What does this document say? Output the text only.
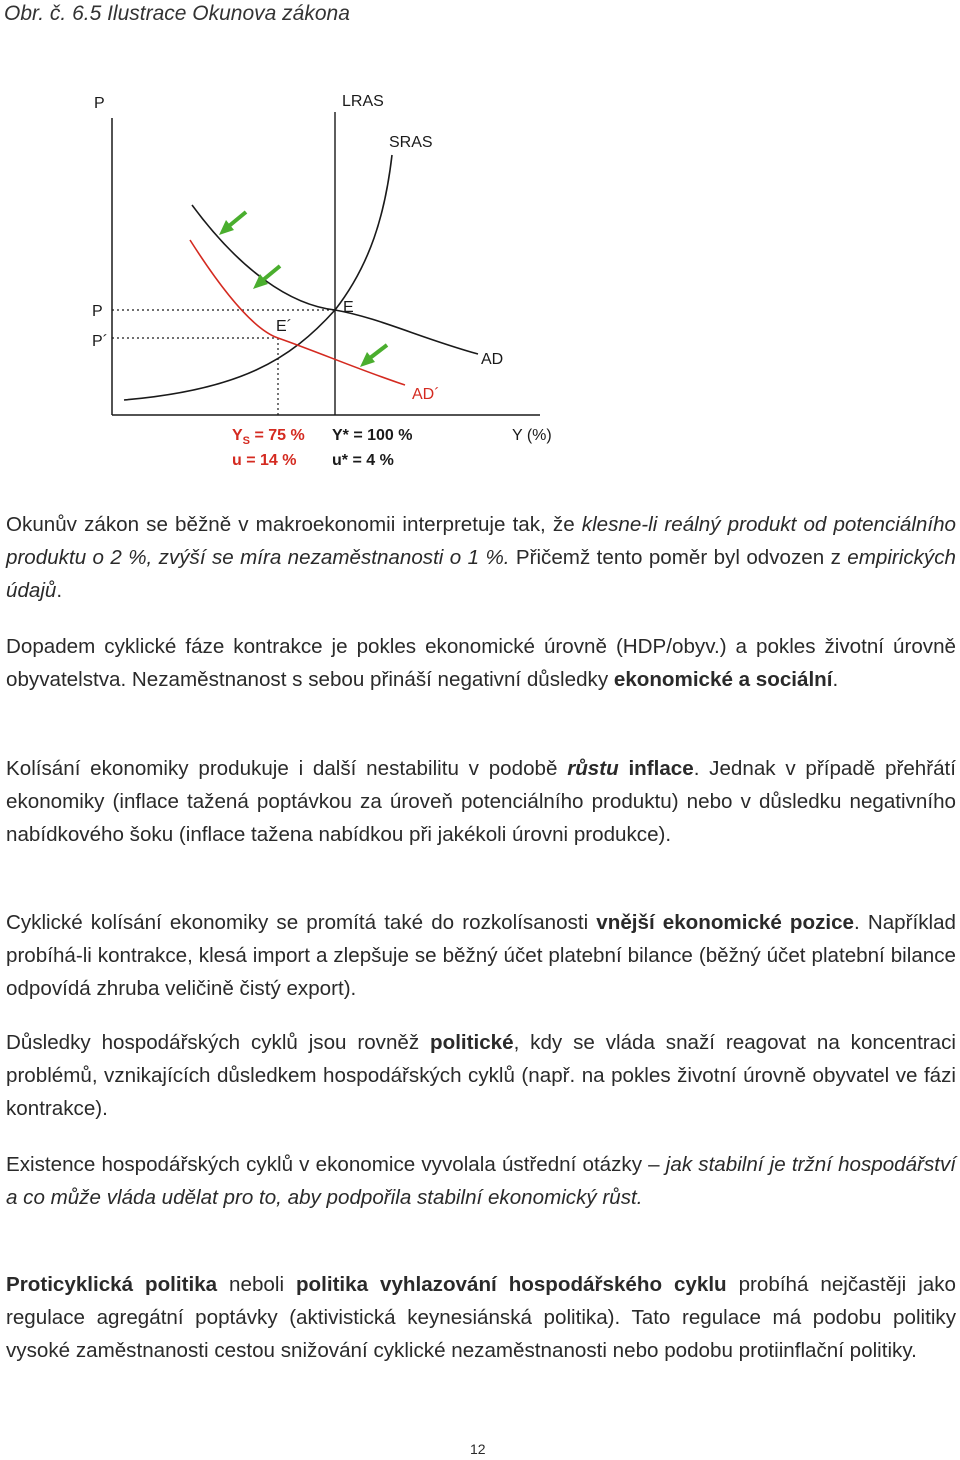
Obr. č. 6.5 Ilustrace Okunova zákona

P
P
P´
LRAS
SRAS
E
E´
AD
AD´
Y (%)
$Y_S = 75$ % Y* = 100 %
u = 14 % u* = 4 %

Okunův zákon se běžně v makroekonomii interpretuje tak, že klesne-li reálný produkt od potenciálního produktu o 2 %, zvýší se míra nezaměstnanosti o 1 %. Přičemž tento poměr byl odvozen z empirických údajů.

Dopadem cyklické fáze kontrakce je pokles ekonomické úrovně (HDP/obyv.) a pokles životní úrovně obyvatelstva. Nezaměstnanost s sebou přináší negativní důsledky ekonomické a sociální.

Kolísání ekonomiky produkuje i další nestabilitu v podobě růstu inflace. Jednak v případě přehřátí ekonomiky (inflace tažená poptávkou za úroveň potenciálního produktu) nebo v důsledku negativního nabídkového šoku (inflace tažena nabídkou při jakékoli úrovni produkce).

Cyklické kolísání ekonomiky se promítá také do rozkolísanosti vnější ekonomické pozice. Například probíhá-li kontrakce, klesá import a zlepšuje se běžný účet platební bilance (běžný účet platební bilance odpovídá zhruba veličině čistý export).

Důsledky hospodářských cyklů jsou rovněž politické, kdy se vláda snaží reagovat na koncentraci problémů, vznikajících důsledkem hospodářských cyklů (např. na pokles životní úrovně obyvatel ve fázi kontrakce).

Existence hospodářských cyklů v ekonomice vyvolala ústřední otázky – jak stabilní je tržní hospodářství a co může vláda udělat pro to, aby podpořila stabilní ekonomický růst.

Proticyklická politika neboli politika vyhlazování hospodářského cyklu probíhá nejčastěji jako regulace agregátní poptávky (aktivistická keynesiánská politika). Tato regulace má podobu politiky vysoké zaměstnanosti cestou snižování cyklické nezaměstnanosti nebo podobu protiinflační politiky.

12
